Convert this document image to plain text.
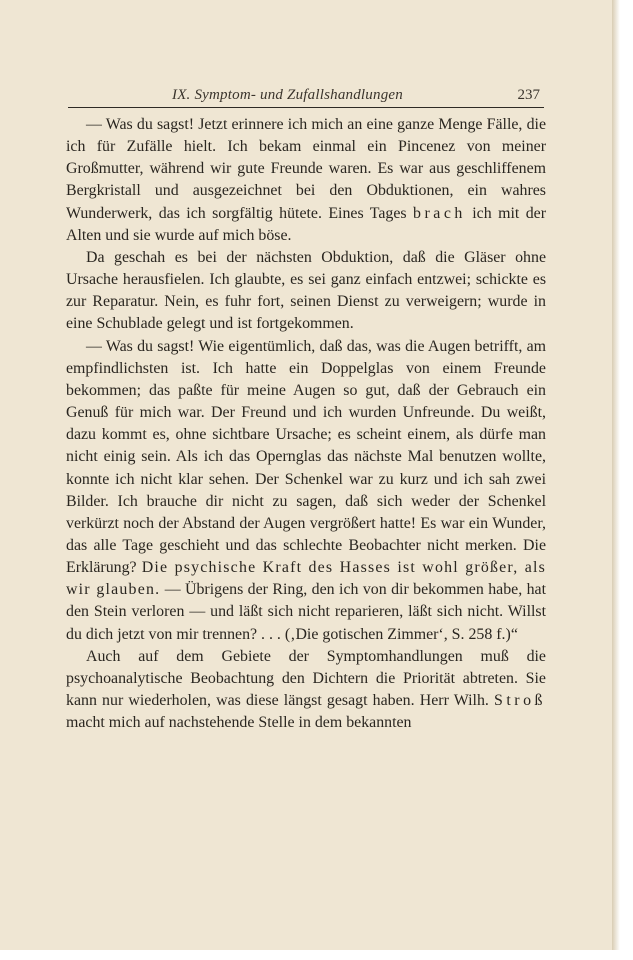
IX. Symptom- und Zufallshandlungen	237

— Was du sagst! Jetzt erinnere ich mich an eine ganze Menge Fälle, die ich für Zufälle hielt. Ich bekam einmal ein Pincenez von meiner Großmutter, während wir gute Freunde waren. Es war aus geschliffenem Bergkristall und ausgezeichnet bei den Obduktionen, ein wahres Wunderwerk, das ich sorgfältig hütete. Eines Tages brach ich mit der Alten und sie wurde auf mich böse.

Da geschah es bei der nächsten Obduktion, daß die Gläser ohne Ursache herausfielen. Ich glaubte, es sei ganz einfach entzwei; schickte es zur Reparatur. Nein, es fuhr fort, seinen Dienst zu verweigern; wurde in eine Schublade gelegt und ist fortgekommen.

— Was du sagst! Wie eigentümlich, daß das, was die Augen betrifft, am empfindlichsten ist. Ich hatte ein Doppelglas von einem Freunde bekommen; das paßte für meine Augen so gut, daß der Gebrauch ein Genuß für mich war. Der Freund und ich wurden Unfreunde. Du weißt, dazu kommt es, ohne sichtbare Ursache; es scheint einem, als dürfe man nicht einig sein. Als ich das Opernglas das nächste Mal benutzen wollte, konnte ich nicht klar sehen. Der Schenkel war zu kurz und ich sah zwei Bilder. Ich brauche dir nicht zu sagen, daß sich weder der Schenkel verkürzt noch der Abstand der Augen vergrößert hatte! Es war ein Wunder, das alle Tage geschieht und das schlechte Beobachter nicht merken. Die Erklärung? Die psychische Kraft des Hasses ist wohl größer, als wir glauben. — Übrigens der Ring, den ich von dir bekommen habe, hat den Stein verloren — und läßt sich nicht reparieren, läßt sich nicht. Willst du dich jetzt von mir trennen? . . . (‚Die gotischen Zimmer‘, S. 258 f.)“

Auch auf dem Gebiete der Symptomhandlungen muß die psychoanalytische Beobachtung den Dichtern die Priorität abtreten. Sie kann nur wiederholen, was diese längst gesagt haben. Herr Wilh. Stroß macht mich auf nachstehende Stelle in dem bekannten
